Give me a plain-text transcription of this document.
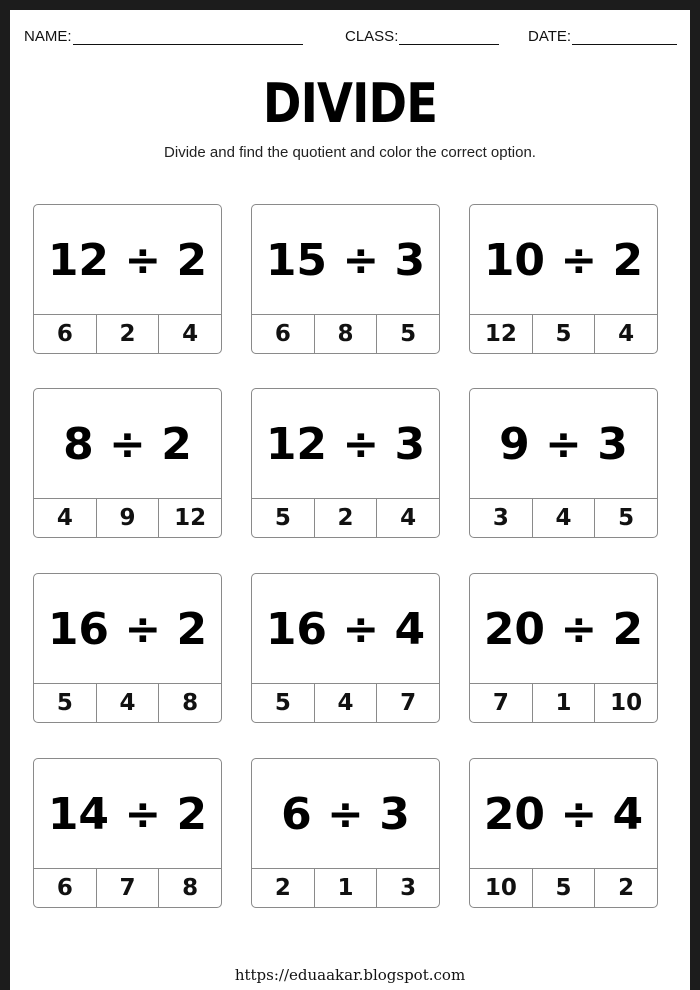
NAME:	CLASS:	DATE:
DIVIDE
Divide and find the quotient and color the correct option.
12 ÷ 2
6	2	4
15 ÷ 3
6	8	5
10 ÷ 2
12	5	4
8 ÷ 2
4	9	12
12 ÷ 3
5	2	4
9 ÷ 3
3	4	5
16 ÷ 2
5	4	8
16 ÷ 4
5	4	7
20 ÷ 2
7	1	10
14 ÷ 2
6	7	8
6 ÷ 3
2	1	3
20 ÷ 4
10	5	2
https://eduaakar.blogspot.com
